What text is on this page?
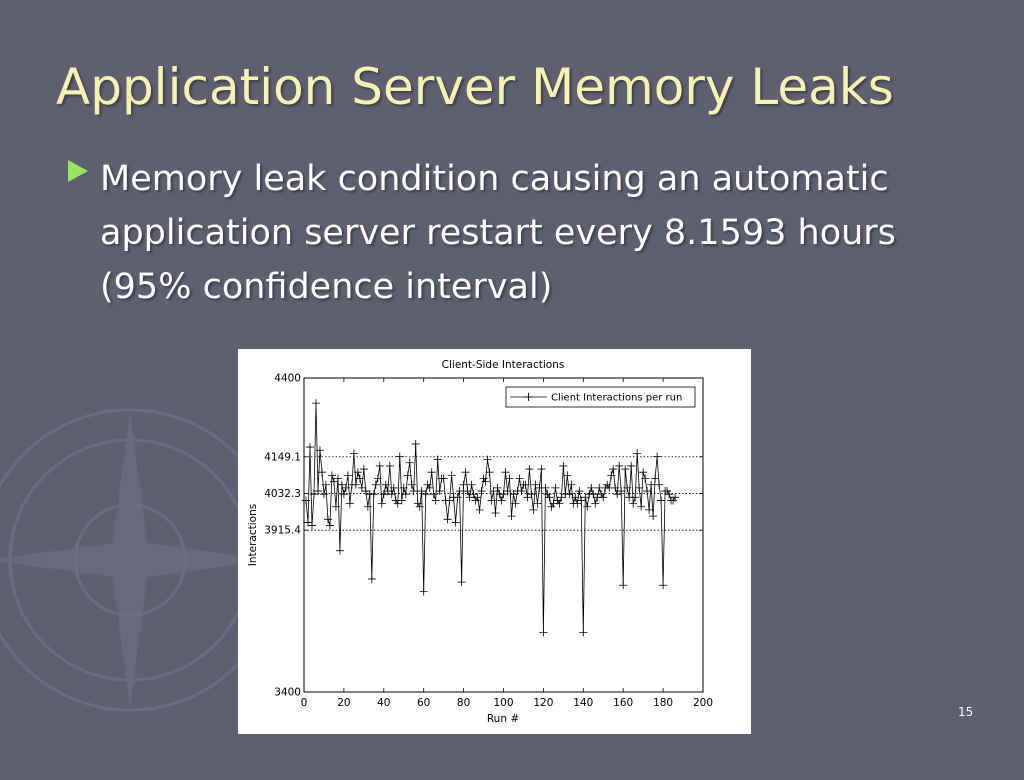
Application Server Memory Leaks
Memory leak condition causing an automatic application server restart every 8.1593 hours (95% confidence interval)
Client-Side Interactions
0	20	40	60	80 100 120 140 160 180 200
3400
3915.4
4032.3
4149.1
4400
Run #
Interactions
Client Interactions per run
15
